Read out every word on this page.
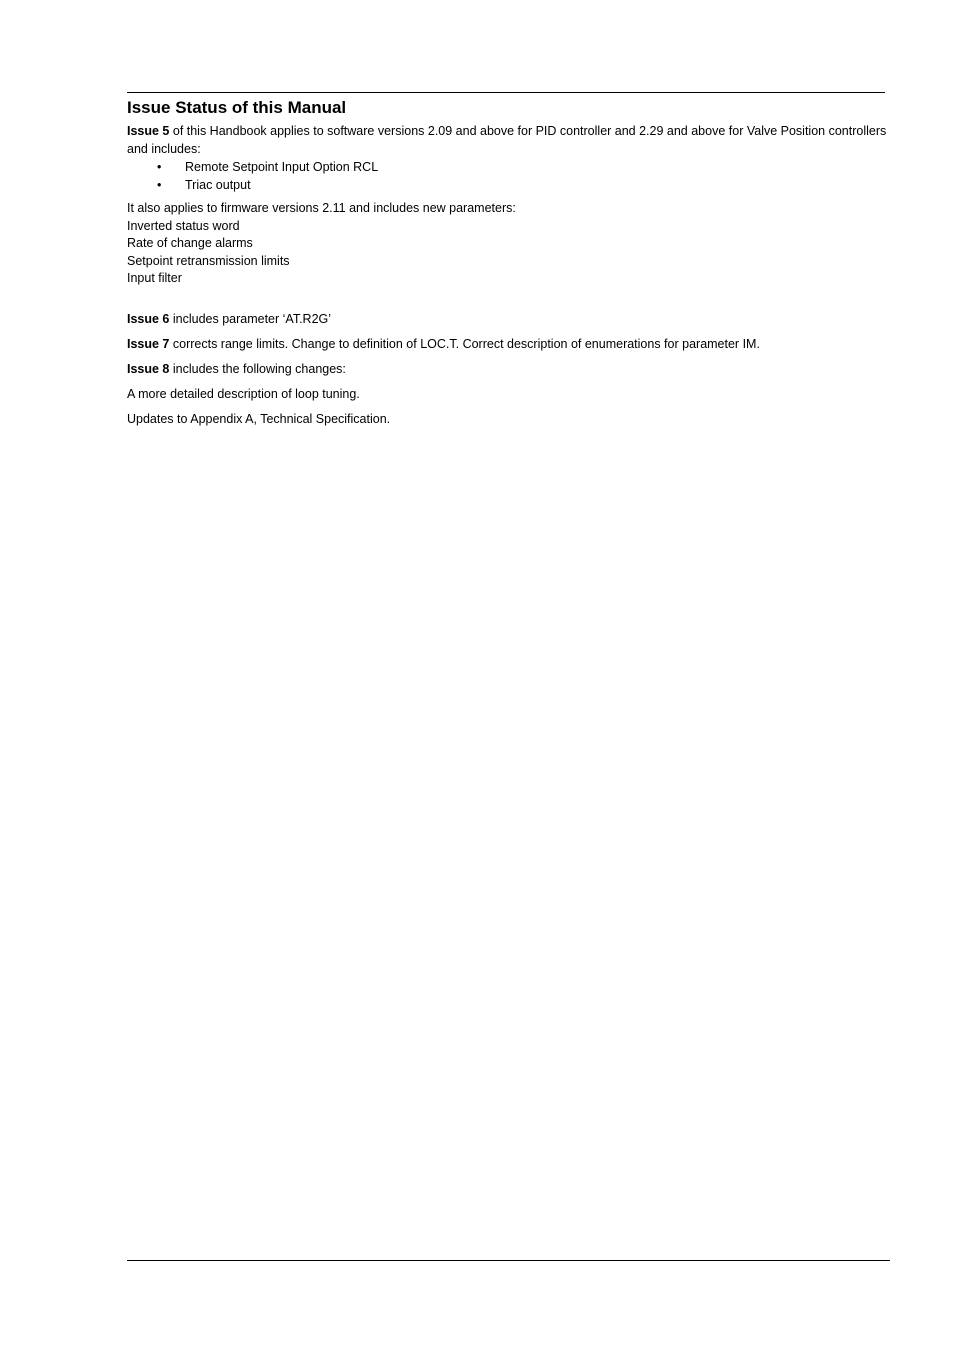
Issue Status of this Manual

Issue 5 of this Handbook applies to software versions 2.09 and above for PID controller and 2.29 and above for Valve Position controllers and includes:

• Remote Setpoint Input Option RCL
• Triac output

It also applies to firmware versions 2.11 and includes new parameters:

Inverted status word

Rate of change alarms

Setpoint retransmission limits

Input filter

Issue 6 includes parameter ‘AT.R2G’

Issue 7 corrects range limits. Change to definition of LOC.T. Correct description of enumerations for parameter IM.

Issue 8 includes the following changes:

A more detailed description of loop tuning.

Updates to Appendix A, Technical Specification.
